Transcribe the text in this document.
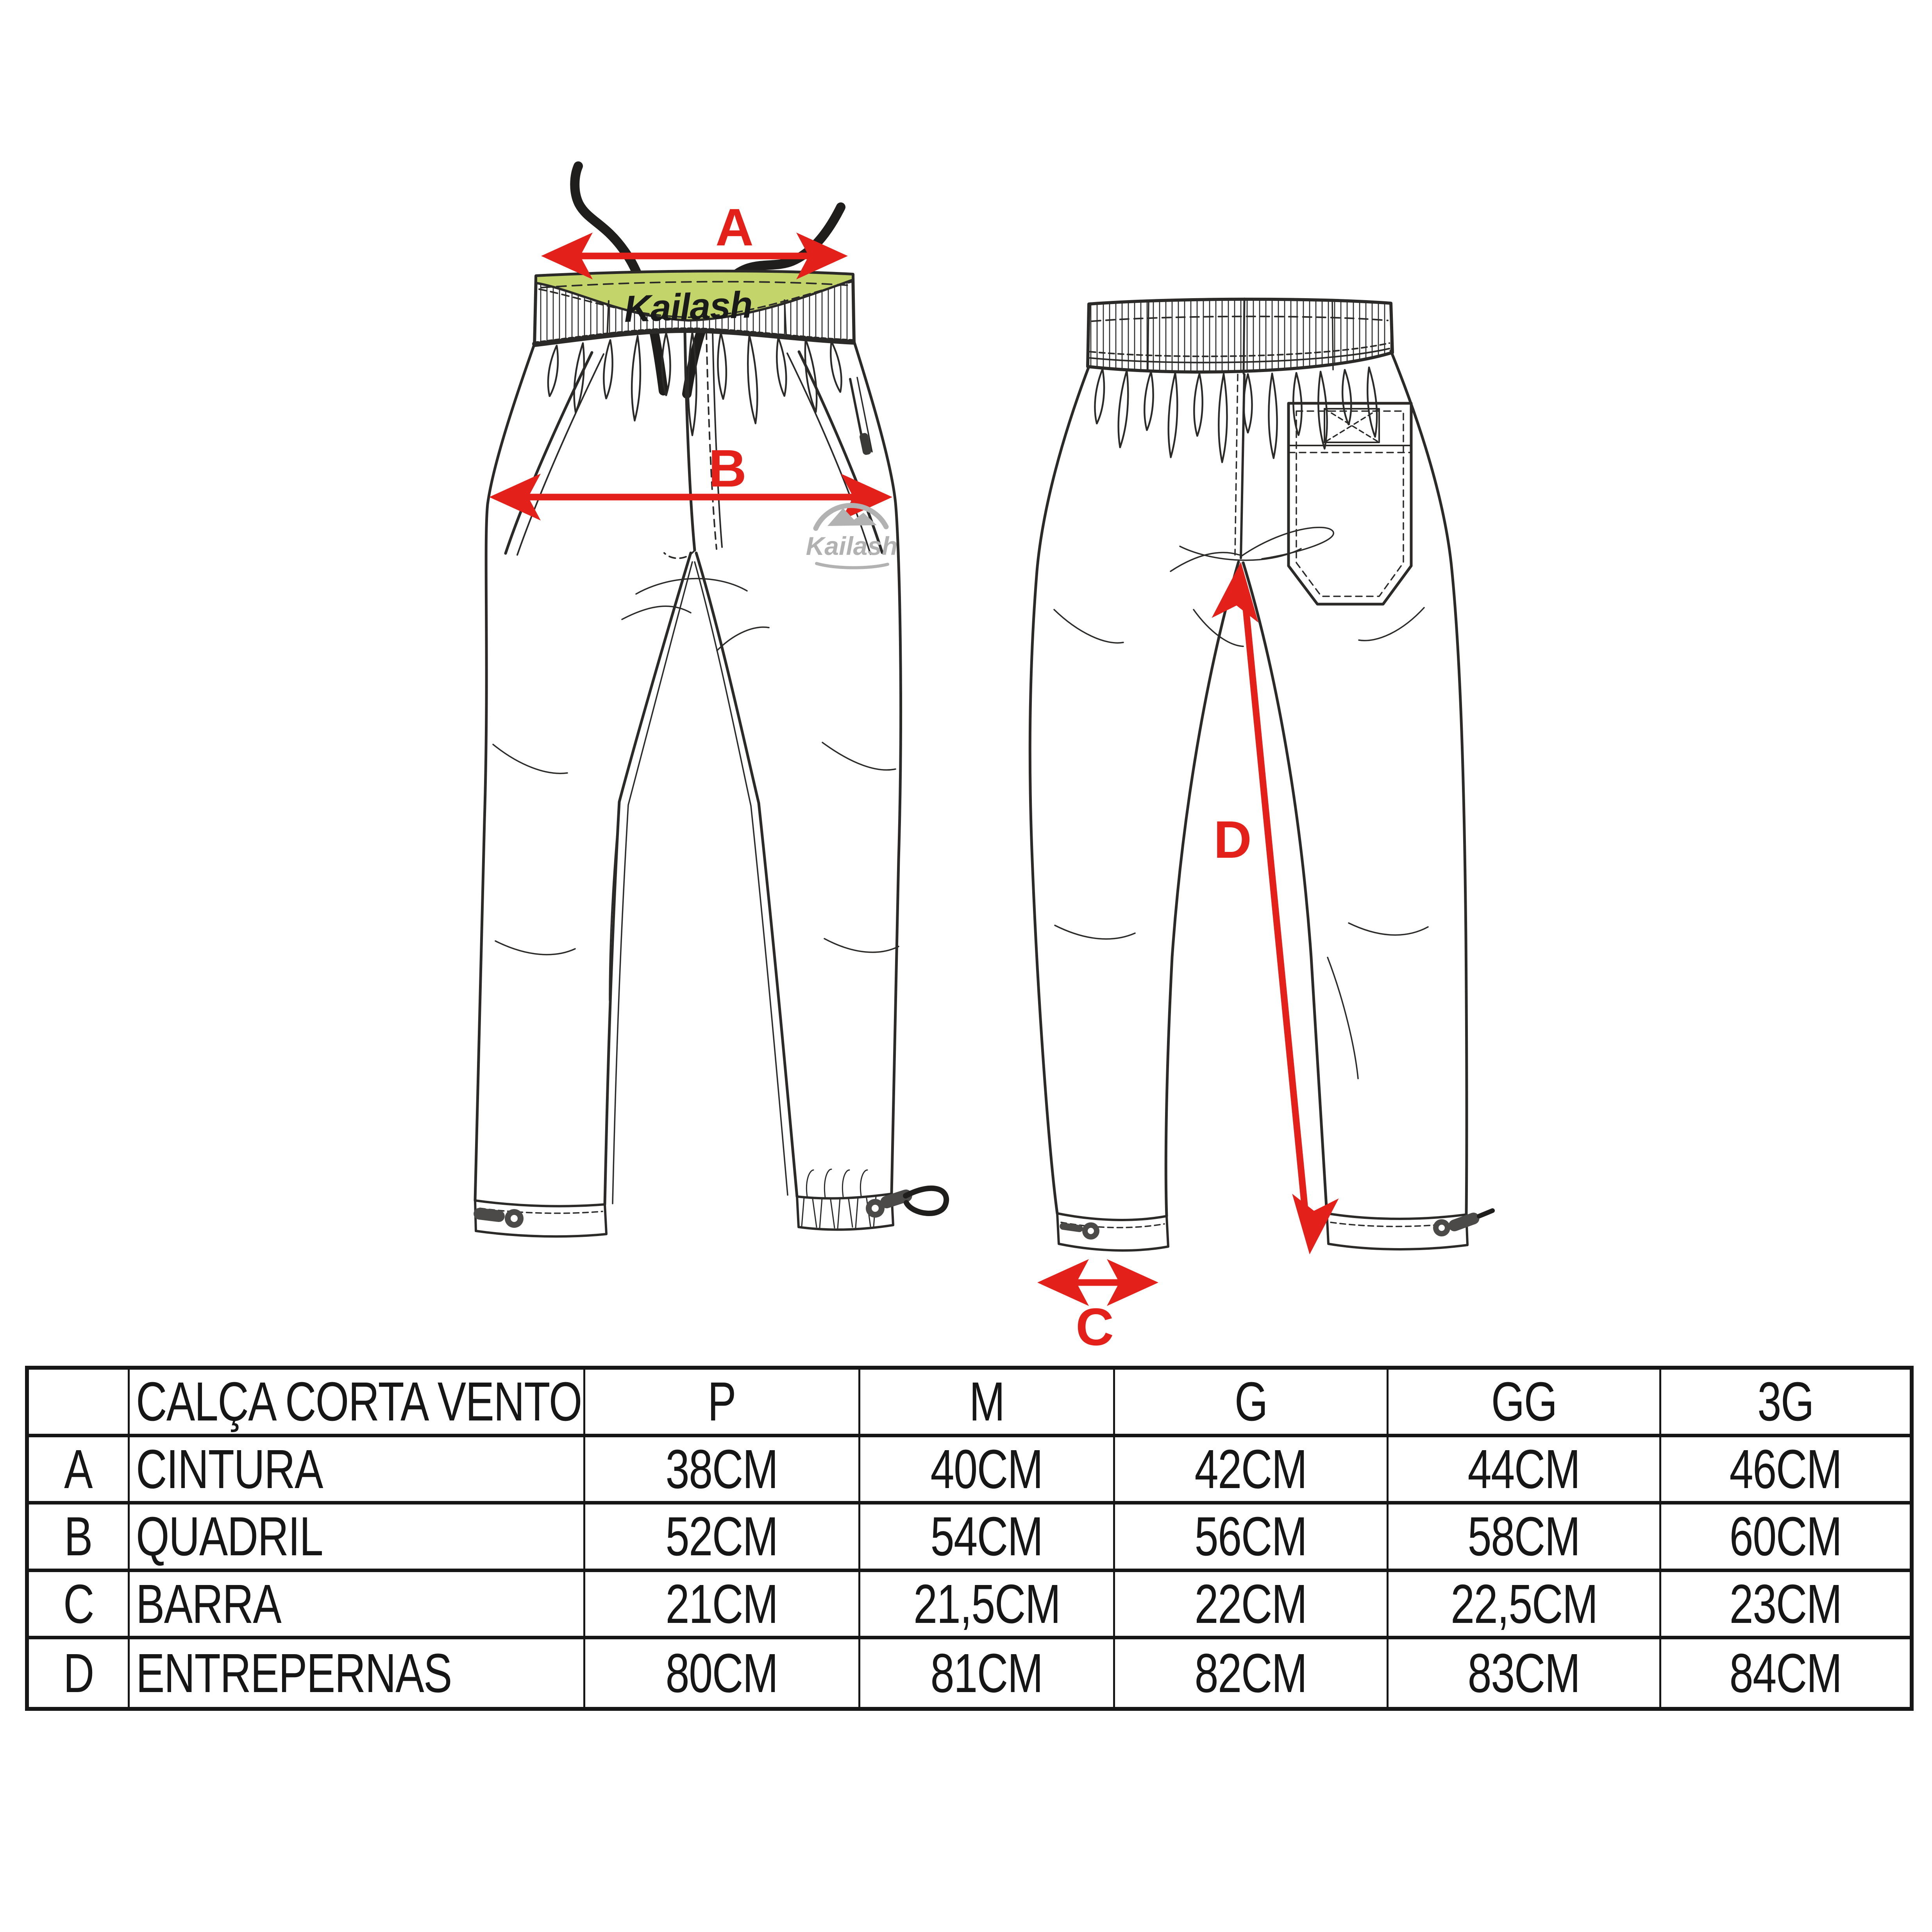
Kailash
A
B
Kailash
D
C
CALÇA CORTA VENTO P	M	G	GG	3G
A CINTURA	38CM	40CM	42CM	44CM	46CM
B QUADRIL	52CM	54CM	56CM	58CM	60CM
C BARRA	21CM 21,5CM 22CM	22,5CM 23CM
D ENTREPERNAS	80CM	81CM	82CM	83CM	84CM
